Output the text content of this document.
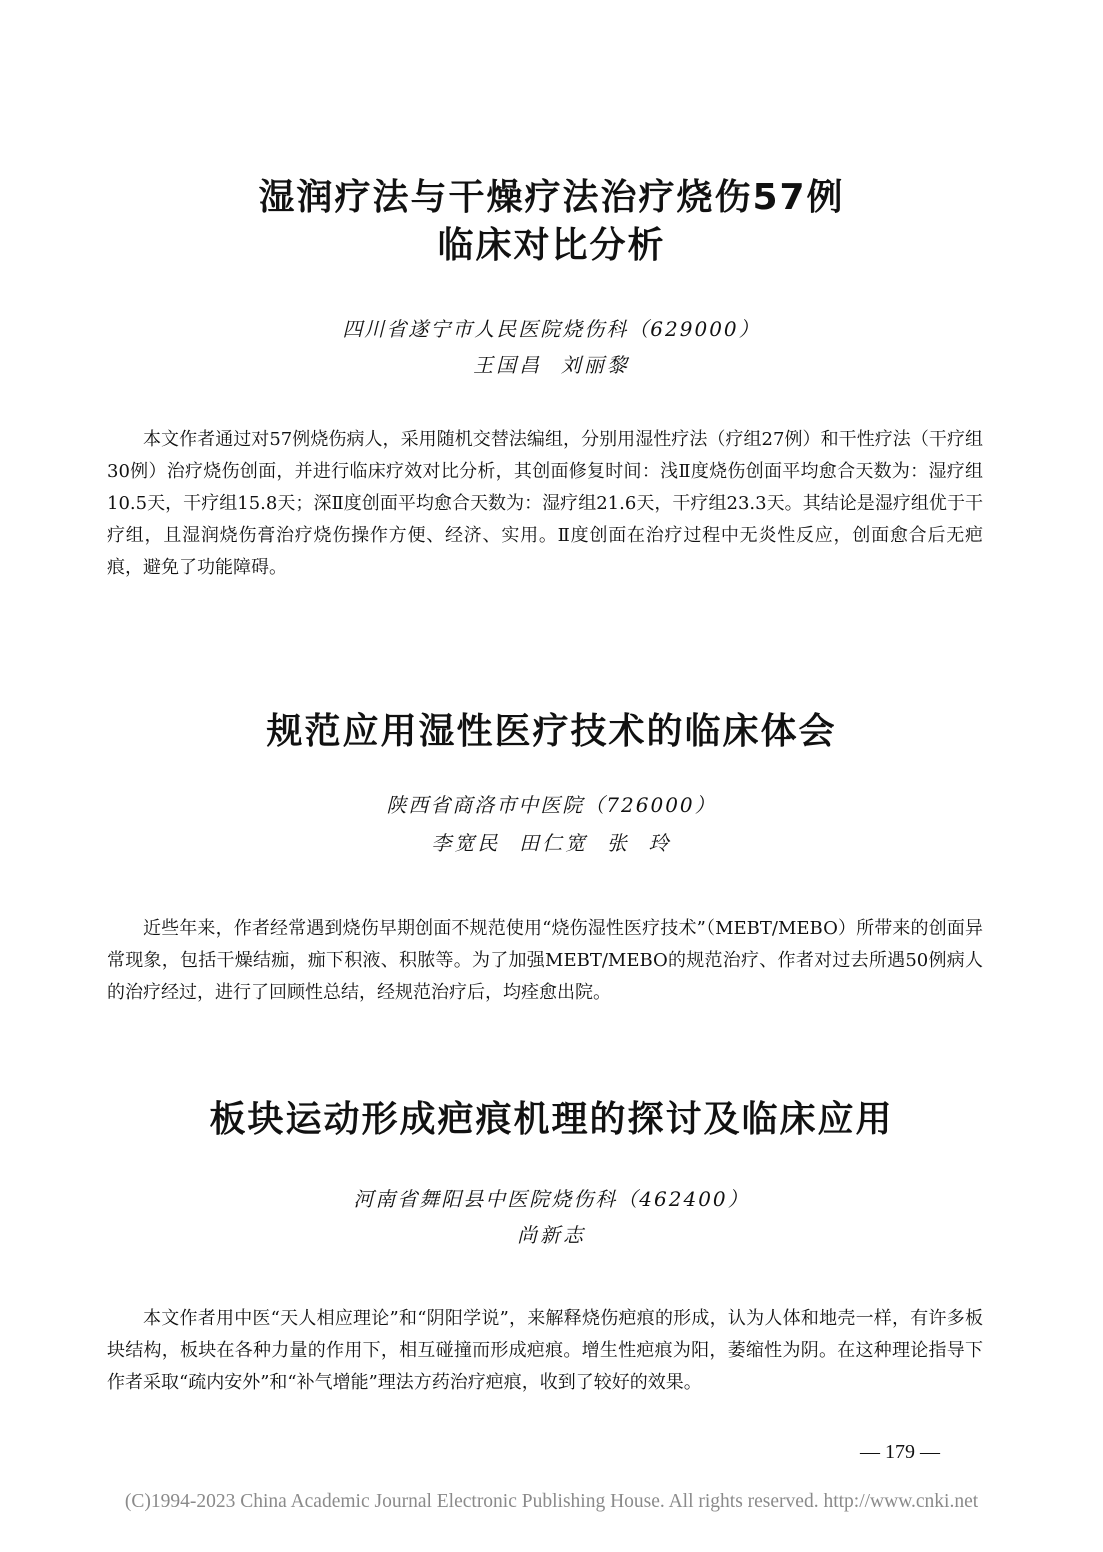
湿润疗法与干燥疗法治疗烧伤57例
临床对比分析
四川省遂宁市人民医院烧伤科（629000）
王国昌  刘丽黎

本文作者通过对57例烧伤病人，采用随机交替法编组，分别用湿性疗法（疗组27例）和干性疗法（干疗组30例）治疗烧伤创面，并进行临床疗效对比分析，其创面修复时间：浅Ⅱ度烧伤创面平均愈合天数为：湿疗组10.5天，干疗组15.8天；深Ⅱ度创面平均愈合天数为：湿疗组21.6天，干疗组23.3天。其结论是湿疗组优于干疗组，且湿润烧伤膏治疗烧伤操作方便、经济、实用。Ⅱ度创面在治疗过程中无炎性反应，创面愈合后无疤痕，避免了功能障碍。

规范应用湿性医疗技术的临床体会
陕西省商洛市中医院（726000）
李宽民  田仁宽  张  玲

近些年来，作者经常遇到烧伤早期创面不规范使用“烧伤湿性医疗技术”（MEBT/MEBO）所带来的创面异常现象，包括干燥结痂，痂下积液、积脓等。为了加强MEBT/MEBO的规范治疗、作者对过去所遇50例病人的治疗经过，进行了回顾性总结，经规范治疗后，均痊愈出院。

板块运动形成疤痕机理的探讨及临床应用
河南省舞阳县中医院烧伤科（462400）
尚新志

本文作者用中医“天人相应理论”和“阴阳学说”，来解释烧伤疤痕的形成，认为人体和地壳一样，有许多板块结构，板块在各种力量的作用下，相互碰撞而形成疤痕。增生性疤痕为阳，萎缩性为阴。在这种理论指导下作者采取“疏内安外”和“补气增能”理法方药治疗疤痕，收到了较好的效果。

— 179 —
(C)1994-2023 China Academic Journal Electronic Publishing House. All rights reserved. http://www.cnki.net
